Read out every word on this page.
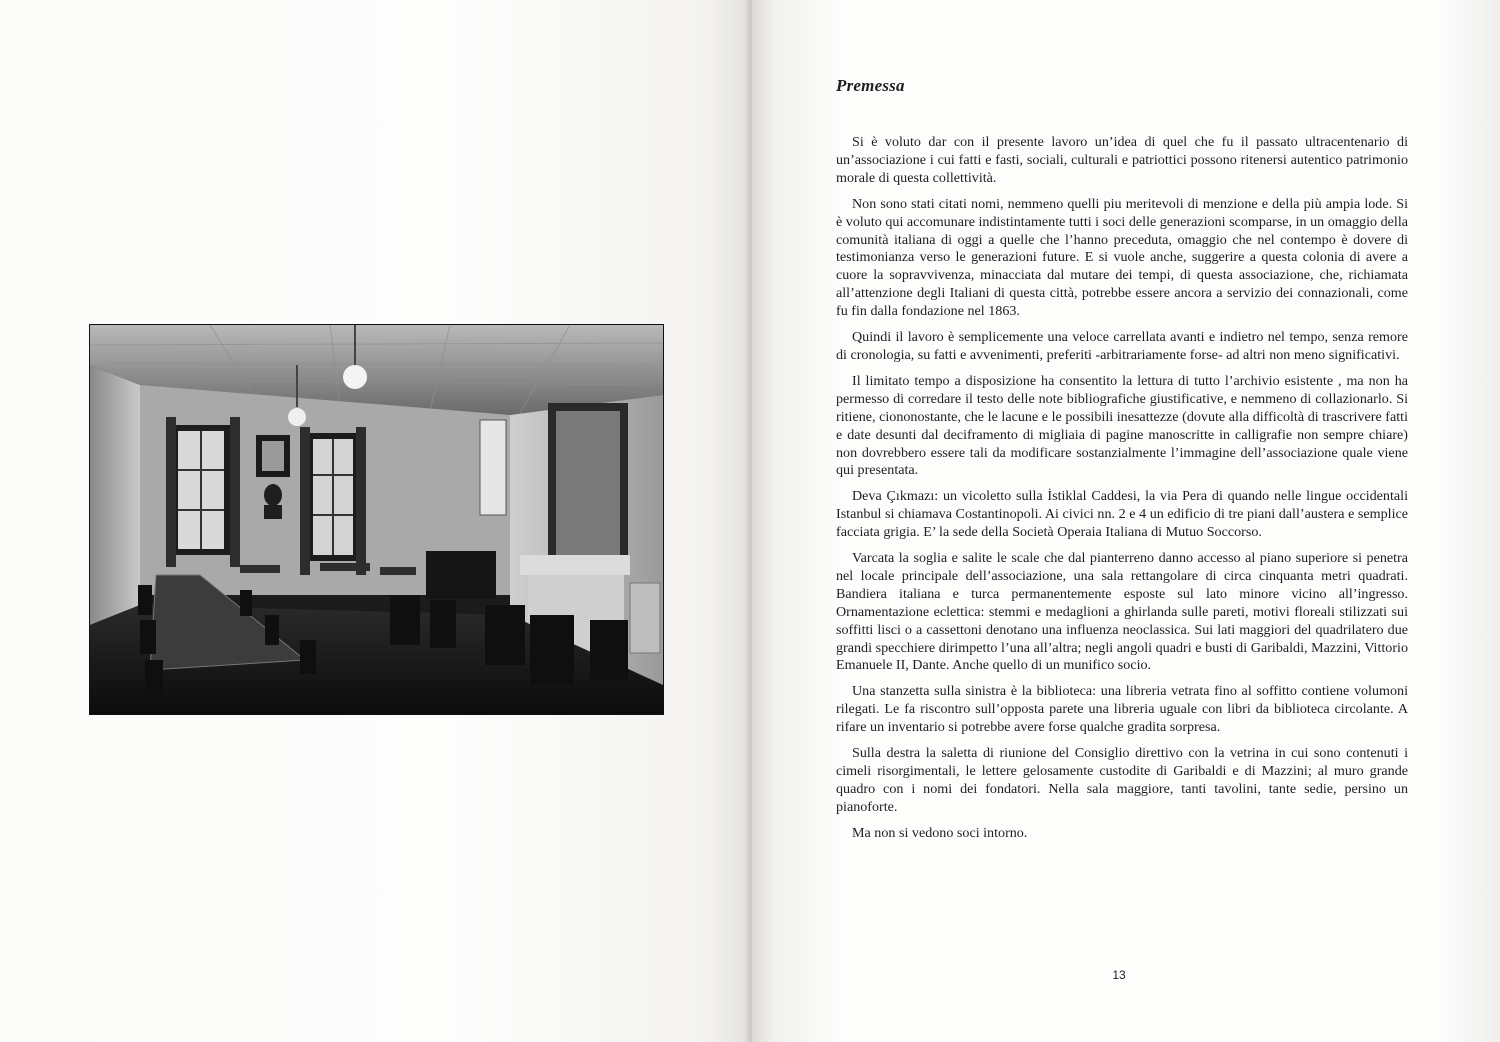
Premessa

Si è voluto dar con il presente lavoro un’idea di quel che fu il passato ultracentenario di un’associazione i cui fatti e fasti, sociali, culturali e patriottici possono ritenersi autentico patrimonio morale di questa collettività.

Non sono stati citati nomi, nemmeno quelli piu meritevoli di menzione e della più ampia lode. Si è voluto qui accomunare indistintamente tutti i soci delle generazioni scomparse, in un omaggio della comunità italiana di oggi a quelle che l’hanno preceduta, omaggio che nel contempo è dovere di testimonianza verso le generazioni future. E si vuole anche, suggerire a questa colonia di avere a cuore la sopravvivenza, minacciata dal mutare dei tempi, di questa associazione, che, richiamata all’attenzione degli Italiani di questa città, potrebbe essere ancora a servizio dei connazionali, come fu fin dalla fondazione nel 1863.

Quindi il lavoro è semplicemente una veloce carrellata avanti e indietro nel tempo, senza remore di cronologia, su fatti e avvenimenti, preferiti -arbitrariamente forse- ad altri non meno significativi.

Il limitato tempo a disposizione ha consentito la lettura di tutto l’archivio esistente , ma non ha permesso di corredare il testo delle note bibliografiche giustificative, e nemmeno di collazionarlo. Si ritiene, ciononostante, che le lacune e le possibili inesattezze (dovute alla difficoltà di trascrivere fatti e date desunti dal deciframento di migliaia di pagine manoscritte in calligrafie non sempre chiare) non dovrebbero essere tali da modificare sostanzialmente l’immagine dell’associazione quale viene qui presentata.

Deva Çıkmazı: un vicoletto sulla İstiklal Caddesi, la via Pera di quando nelle lingue occidentali Istanbul si chiamava Costantinopoli. Ai civici nn. 2 e 4 un edificio di tre piani dall’austera e semplice facciata grigia. E’ la sede della Società Operaia Italiana di Mutuo Soccorso.

Varcata la soglia e salite le scale che dal pianterreno danno accesso al piano superiore si penetra nel locale principale dell’associazione, una sala rettangolare di circa cinquanta metri quadrati. Bandiera italiana e turca permanentemente esposte sul lato minore vicino all’ingresso. Ornamentazione eclettica: stemmi e medaglioni a ghirlanda sulle pareti, motivi floreali stilizzati sui soffitti lisci o a cassettoni denotano una influenza neoclassica. Sui lati maggiori del quadrilatero due grandi specchiere dirimpetto l’una all’altra; negli angoli quadri e busti di Garibaldi, Mazzini, Vittorio Emanuele II, Dante. Anche quello di un munifico socio.

Una stanzetta sulla sinistra è la biblioteca: una libreria vetrata fino al soffitto contiene volumoni rilegati. Le fa riscontro sull’opposta parete una libreria uguale con libri da biblioteca circolante. A rifare un inventario si potrebbe avere forse qualche gradita sorpresa.

Sulla destra la saletta di riunione del Consiglio direttivo con la vetrina in cui sono contenuti i cimeli risorgimentali, le lettere gelosamente custodite di Garibaldi e di Mazzini; al muro grande quadro con i nomi dei fondatori. Nella sala maggiore, tanti tavolini, tante sedie, persino un pianoforte.

Ma non si vedono soci intorno.

13
